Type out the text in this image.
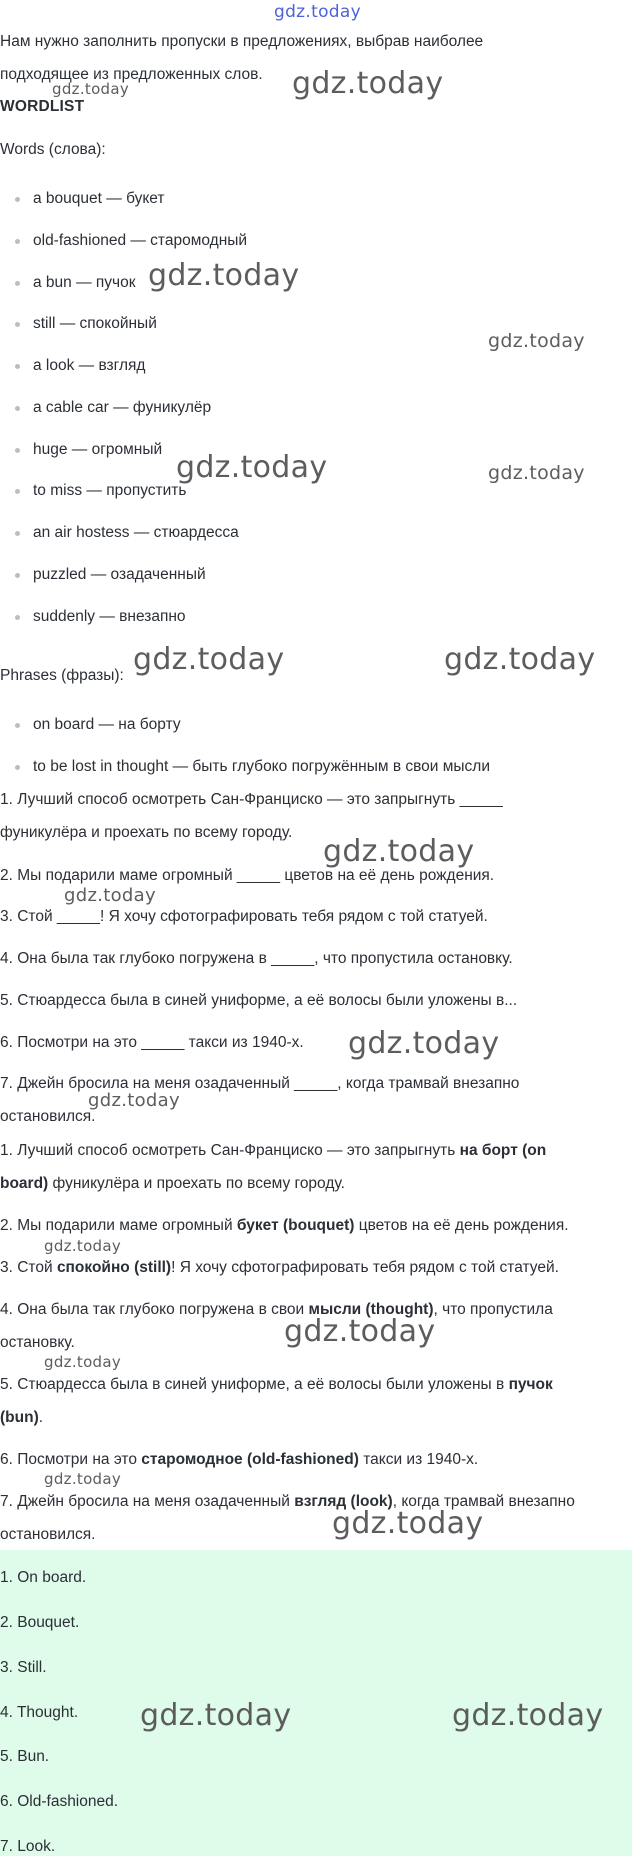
gdz.today
Нам нужно заполнить пропуски в предложениях, выбрав наиболее
подходящее из предложенных слов.
WORDLIST
Words (слова):
a bouquet — букет
old-fashioned — старомодный
a bun — пучок
still — спокойный
a look — взгляд
a cable car — фуникулёр
huge — огромный
to miss — пропустить
an air hostess — стюардесса
puzzled — озадаченный
suddenly — внезапно
Phrases (фразы):
on board — на борту
to be lost in thought — быть глубоко погружённым в свои мысли
1. Лучший способ осмотреть Сан-Франциско — это запрыгнуть _____
фуникулёра и проехать по всему городу.
2. Мы подарили маме огромный _____ цветов на её день рождения.
3. Стой _____! Я хочу сфотографировать тебя рядом с той статуей.
4. Она была так глубоко погружена в _____, что пропустила остановку.
5. Стюардесса была в синей униформе, а её волосы были уложены в...
6. Посмотри на это _____ такси из 1940-х.
7. Джейн бросила на меня озадаченный _____, когда трамвай внезапно
остановился.
1. Лучший способ осмотреть Сан-Франциско — это запрыгнуть на борт (on
board) фуникулёра и проехать по всему городу.
2. Мы подарили маме огромный букет (bouquet) цветов на её день рождения.
3. Стой спокойно (still)! Я хочу сфотографировать тебя рядом с той статуей.
4. Она была так глубоко погружена в свои мысли (thought), что пропустила
остановку.
5. Стюардесса была в синей униформе, а её волосы были уложены в пучок
(bun).
6. Посмотри на это старомодное (old-fashioned) такси из 1940-х.
7. Джейн бросила на меня озадаченный взгляд (look), когда трамвай внезапно
остановился.
1. On board.
2. Bouquet.
3. Still.
4. Thought.
5. Bun.
6. Old-fashioned.
7. Look.
gdz.today	gdz.today
gdz.today
gdz.today
gdz.today	gdz.today
gdz.today	gdz.today
gdz.today
gdz.today
gdz.today
gdz.today
gdz.today
gdz.today
gdz.today
gdz.today
gdz.today
gdz.today	gdz.today
